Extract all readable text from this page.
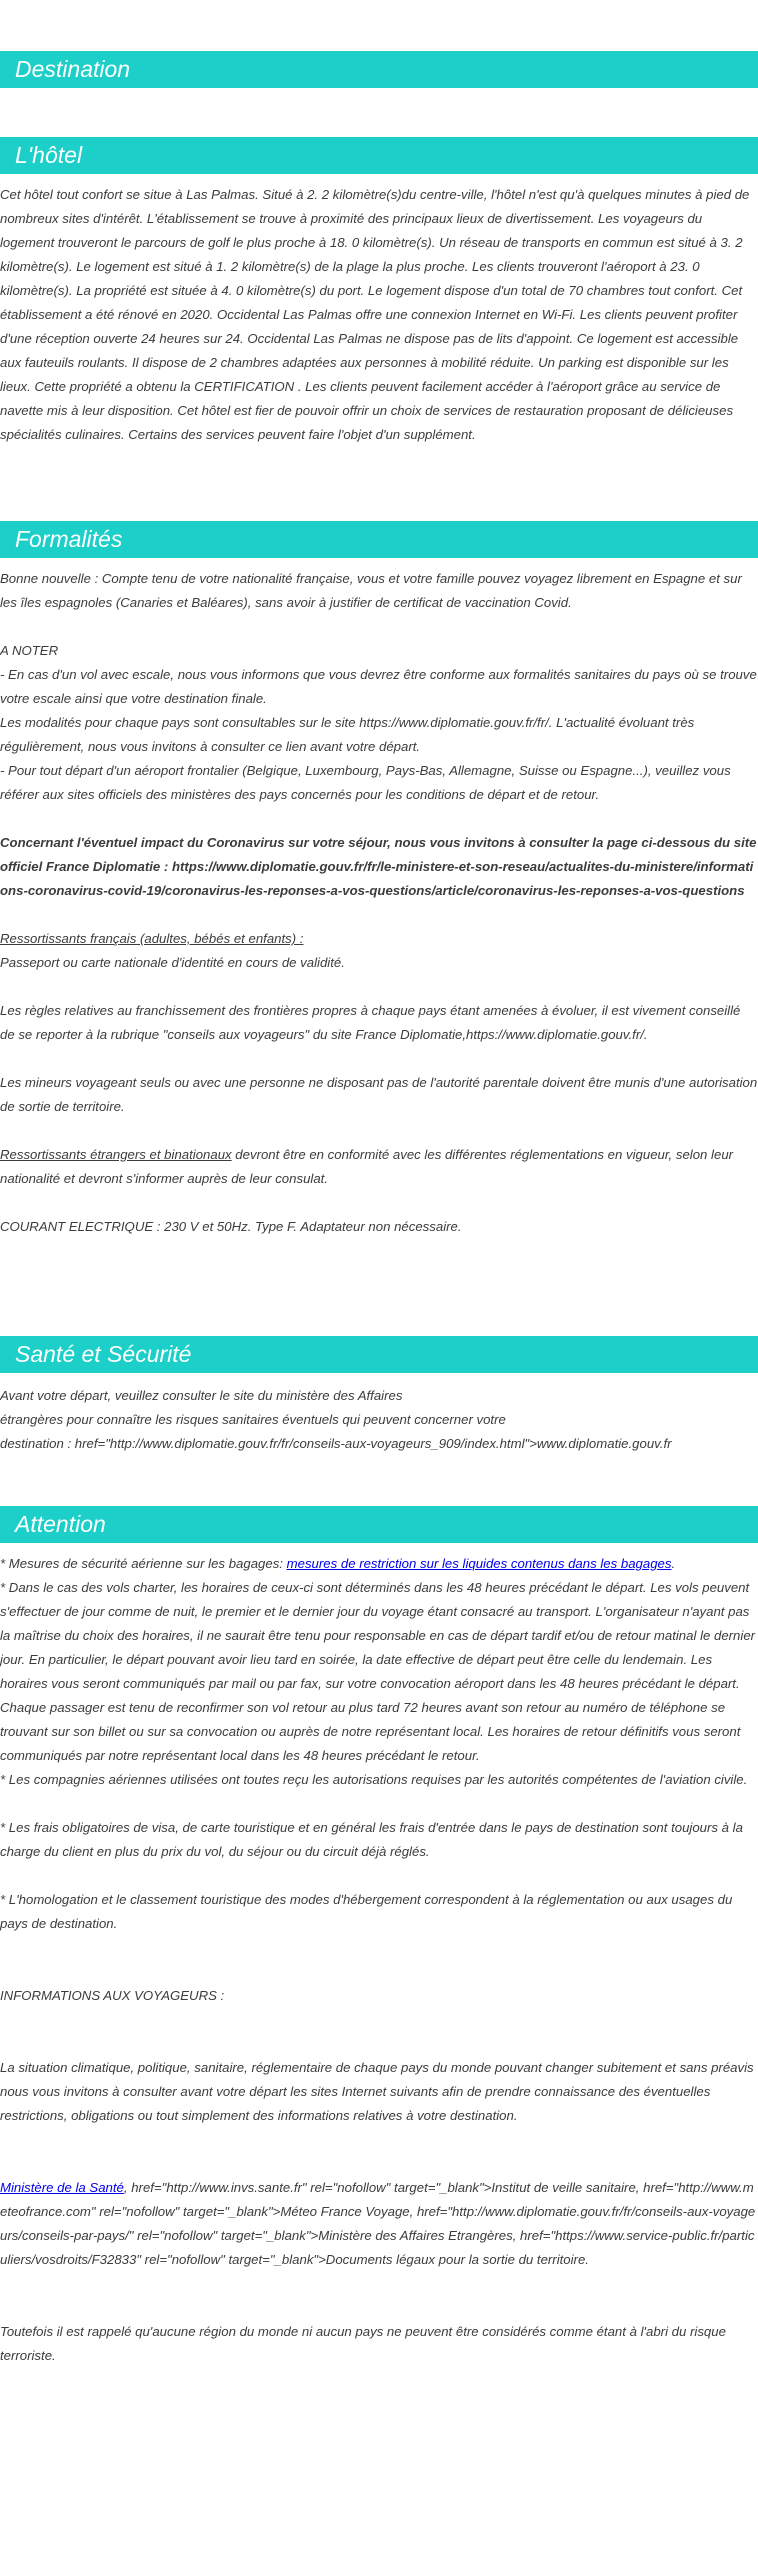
Destination
L'hôtel

Cet hôtel tout confort se situe à Las Palmas. Situé à 2. 2 kilomètre(s)du centre-ville, l'hôtel n'est qu'à quelques minutes à pied de nombreux sites d'intérêt. L'établissement se trouve à proximité des principaux lieux de divertissement. Les voyageurs du logement trouveront le parcours de golf le plus proche à 18. 0 kilomètre(s). Un réseau de transports en commun est situé à 3. 2 kilomètre(s). Le logement est situé à 1. 2 kilomètre(s) de la plage la plus proche. Les clients trouveront l'aéroport à 23. 0 kilomètre(s). La propriété est située à 4. 0 kilomètre(s) du port. Le logement dispose d'un total de 70 chambres tout confort. Cet établissement a été rénové en 2020. Occidental Las Palmas offre une connexion Internet en Wi-Fi. Les clients peuvent profiter d'une réception ouverte 24 heures sur 24. Occidental Las Palmas ne dispose pas de lits d'appoint. Ce logement est accessible aux fauteuils roulants. Il dispose de 2 chambres adaptées aux personnes à mobilité réduite. Un parking est disponible sur les lieux. Cette propriété a obtenu la CERTIFICATION . Les clients peuvent facilement accéder à l'aéroport grâce au service de navette mis à leur disposition. Cet hôtel est fier de pouvoir offrir un choix de services de restauration proposant de délicieuses spécialités culinaires. Certains des services peuvent faire l'objet d'un supplément.

Formalités

Bonne nouvelle : Compte tenu de votre nationalité française, vous et votre famille pouvez voyagez librement en Espagne et sur les îles espagnoles (Canaries et Baléares), sans avoir à justifier de certificat de vaccination Covid.

A NOTER

- En cas d'un vol avec escale, nous vous informons que vous devrez être conforme aux formalités sanitaires du pays où se trouve votre escale ainsi que votre destination finale.

Les modalités pour chaque pays sont consultables sur le site https://www.diplomatie.gouv.fr/fr/. L'actualité évoluant très régulièrement, nous vous invitons à consulter ce lien avant votre départ.

- Pour tout départ d'un aéroport frontalier (Belgique, Luxembourg, Pays-Bas, Allemagne, Suisse ou Espagne...), veuillez vous référer aux sites officiels des ministères des pays concernés pour les conditions de départ et de retour.

Concernant l'éventuel impact du Coronavirus sur votre séjour, nous vous invitons à consulter la page ci-dessous du site officiel France Diplomatie : https://www.diplomatie.gouv.fr/fr/le-ministere-et-son-reseau/actualites-du-ministere/informations-coronavirus-covid-19/coronavirus-les-reponses-a-vos-questions/article/coronavirus-les-reponses-a-vos-questions

Ressortissants français (adultes, bébés et enfants) :

Passeport ou carte nationale d'identité en cours de validité.

Les règles relatives au franchissement des frontières propres à chaque pays étant amenées à évoluer, il est vivement conseillé de se reporter à la rubrique "conseils aux voyageurs" du site France Diplomatie,https://www.diplomatie.gouv.fr/.

Les mineurs voyageant seuls ou avec une personne ne disposant pas de l'autorité parentale doivent être munis d'une autorisation de sortie de territoire.

Ressortissants étrangers et binationaux devront être en conformité avec les différentes réglementations en vigueur, selon leur nationalité et devront s'informer auprès de leur consulat.

COURANT ELECTRIQUE : 230 V et 50Hz. Type F. Adaptateur non nécessaire.

Santé et Sécurité

Avant votre départ, veuillez consulter le site du ministère des Affaires

étrangères pour connaître les risques sanitaires éventuels qui peuvent concerner votre

destination : href="http://www.diplomatie.gouv.fr/fr/conseils-aux-voyageurs_909/index.html">www.diplomatie.gouv.fr

Attention

* Mesures de sécurité aérienne sur les bagages: mesures de restriction sur les liquides contenus dans les bagages.

* Dans le cas des vols charter, les horaires de ceux-ci sont déterminés dans les 48 heures précédant le départ. Les vols peuvent s'effectuer de jour comme de nuit, le premier et le dernier jour du voyage étant consacré au transport. L'organisateur n'ayant pas la maîtrise du choix des horaires, il ne saurait être tenu pour responsable en cas de départ tardif et/ou de retour matinal le dernier jour. En particulier, le départ pouvant avoir lieu tard en soirée, la date effective de départ peut être celle du lendemain. Les horaires vous seront communiqués par mail ou par fax, sur votre convocation aéroport dans les 48 heures précédant le départ. Chaque passager est tenu de reconfirmer son vol retour au plus tard 72 heures avant son retour au numéro de téléphone se trouvant sur son billet ou sur sa convocation ou auprès de notre représentant local. Les horaires de retour définitifs vous seront communiqués par notre représentant local dans les 48 heures précédant le retour.

* Les compagnies aériennes utilisées ont toutes reçu les autorisations requises par les autorités compétentes de l'aviation civile.

* Les frais obligatoires de visa, de carte touristique et en général les frais d'entrée dans le pays de destination sont toujours à la charge du client en plus du prix du vol, du séjour ou du circuit déjà réglés.

* L'homologation et le classement touristique des modes d'hébergement correspondent à la réglementation ou aux usages du pays de destination.

INFORMATIONS AUX VOYAGEURS :

La situation climatique, politique, sanitaire, réglementaire de chaque pays du monde pouvant changer subitement et sans préavis

nous vous invitons à consulter avant votre départ les sites Internet suivants afin de prendre connaissance des éventuelles restrictions, obligations ou tout simplement des informations relatives à votre destination.

Ministère de la Santé, href="http://www.invs.sante.fr" rel="nofollow" target="_blank">Institut de veille sanitaire, href="http://www.meteofrance.com" rel="nofollow" target="_blank">Méteo France Voyage, href="http://www.diplomatie.gouv.fr/fr/conseils-aux-voyageurs/conseils-par-pays/" rel="nofollow" target="_blank">Ministère des Affaires Etrangères, href="https://www.service-public.fr/particuliers/vosdroits/F32833" rel="nofollow" target="_blank">Documents légaux pour la sortie du territoire.

Toutefois il est rappelé qu'aucune région du monde ni aucun pays ne peuvent être considérés comme étant à l'abri du risque terroriste.
